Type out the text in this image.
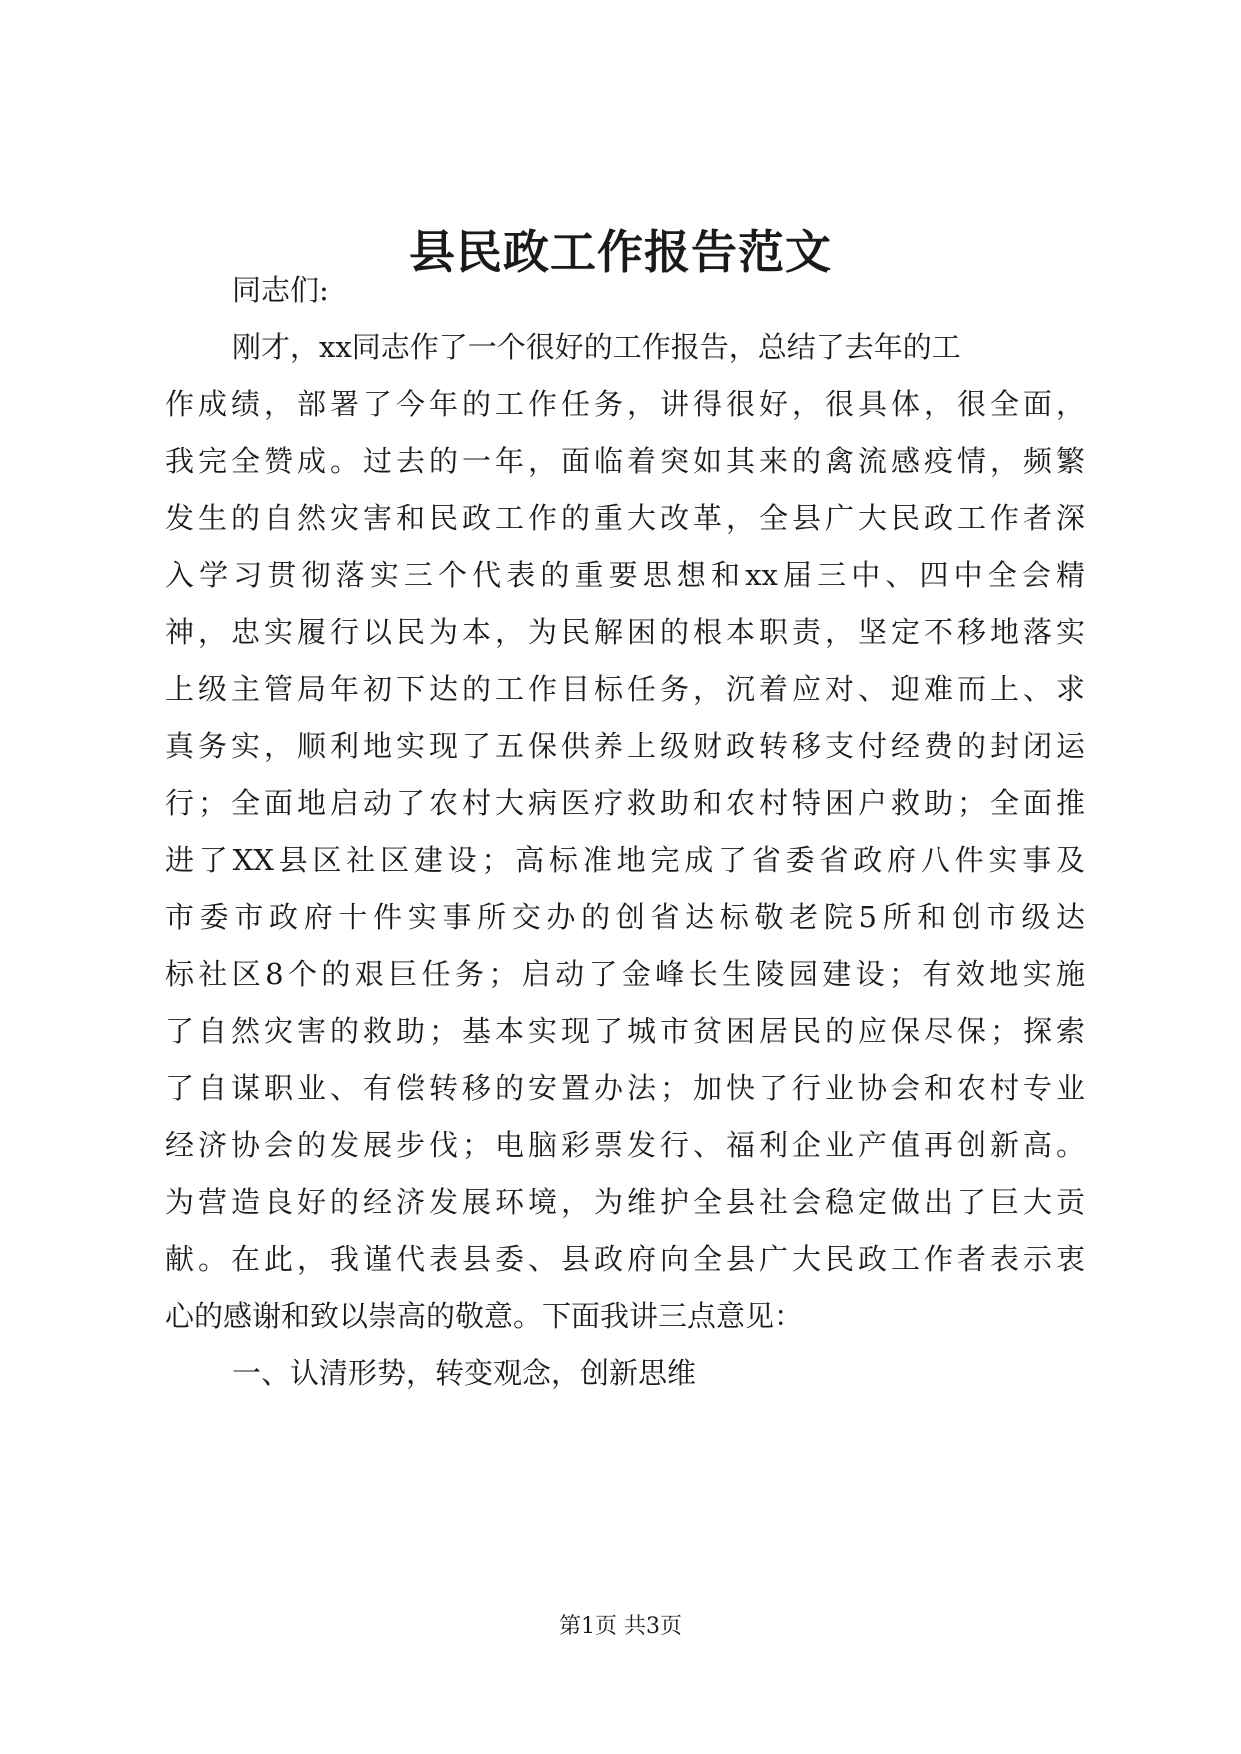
县民政工作报告范文
同志们:
刚才，xx同志作了一个很好的工作报告，总结了去年的工
作成绩，部署了今年的工作任务，讲得很好，很具体，很全面，
我完全赞成。过去的一年，面临着突如其来的禽流感疫情，频繁
发生的自然灾害和民政工作的重大改革，全县广大民政工作者深
入学习贯彻落实三个代表的重要思想和xx届三中、四中全会精
神，忠实履行以民为本，为民解困的根本职责，坚定不移地落实
上级主管局年初下达的工作目标任务，沉着应对、迎难而上、求
真务实，顺利地实现了五保供养上级财政转移支付经费的封闭运
行；全面地启动了农村大病医疗救助和农村特困户救助；全面推
进了XX县区社区建设；高标准地完成了省委省政府八件实事及
市委市政府十件实事所交办的创省达标敬老院5所和创市级达
标社区8个的艰巨任务；启动了金峰长生陵园建设；有效地实施
了自然灾害的救助；基本实现了城市贫困居民的应保尽保；探索
了自谋职业、有偿转移的安置办法；加快了行业协会和农村专业
经济协会的发展步伐；电脑彩票发行、福利企业产值再创新高。
为营造良好的经济发展环境，为维护全县社会稳定做出了巨大贡
献。在此，我谨代表县委、县政府向全县广大民政工作者表示衷
心的感谢和致以崇高的敬意。下面我讲三点意见：
一、认清形势，转变观念，创新思维
第1页 共3页
